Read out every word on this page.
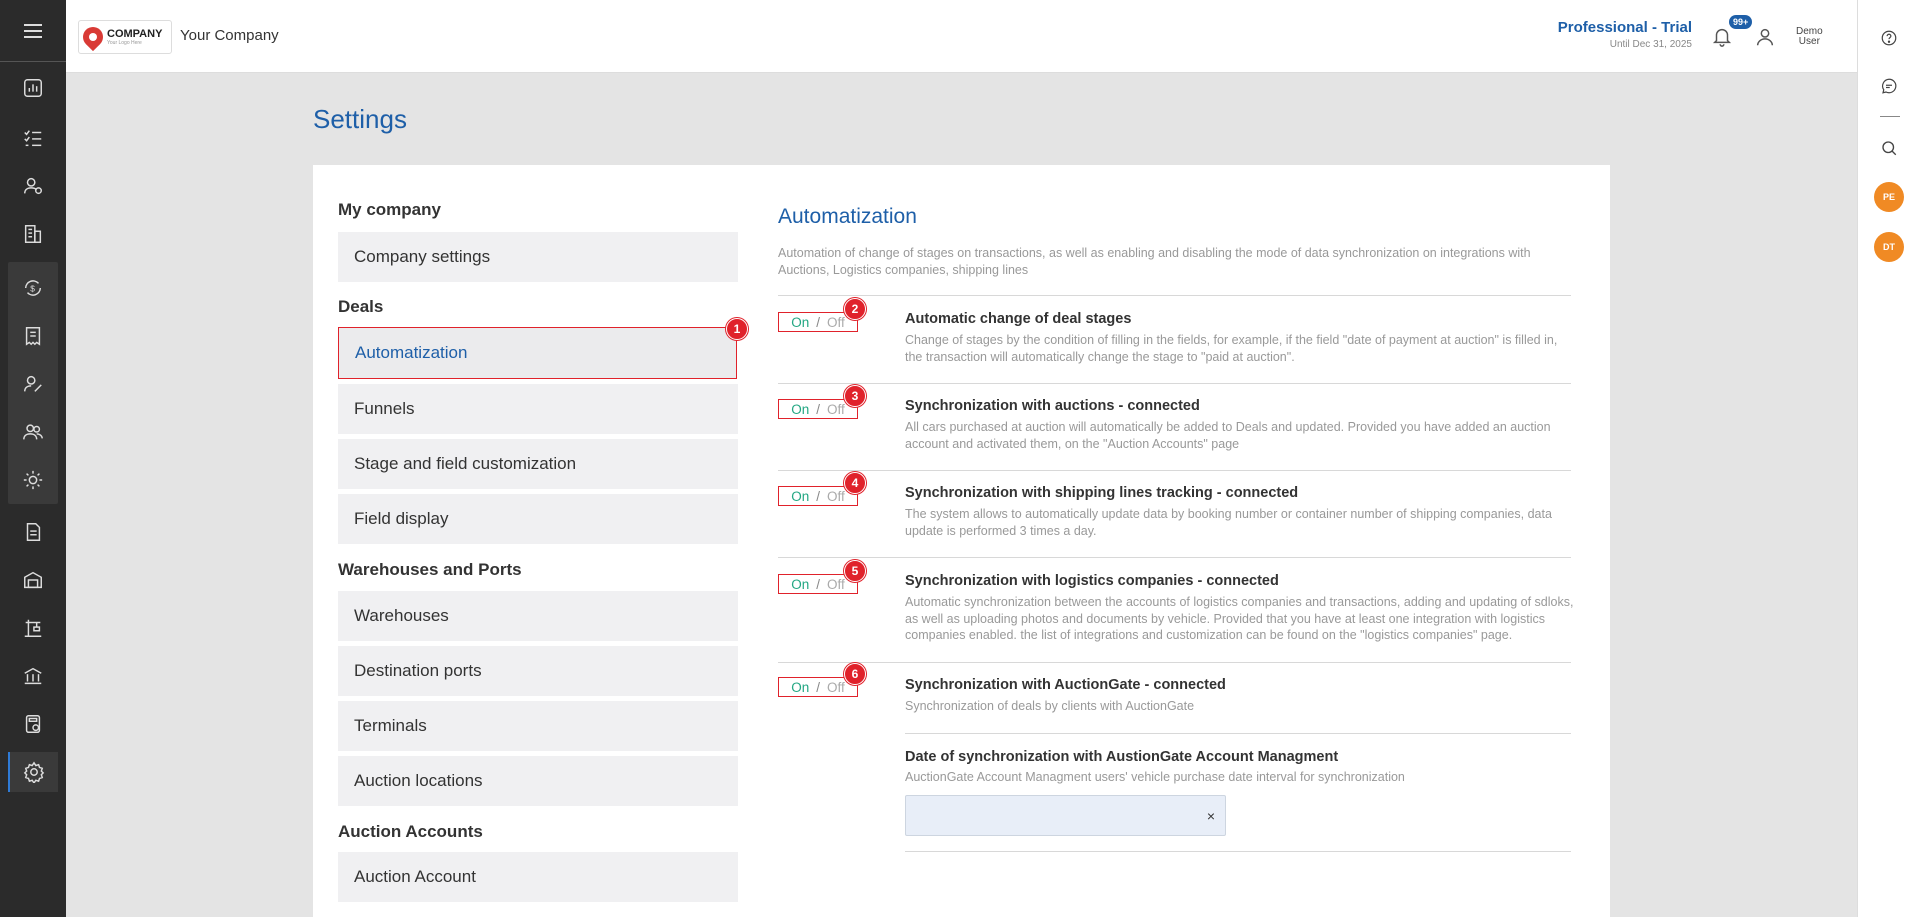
$
COMPANY
Your Logo Here	Your Company	Professional - Trial
Until Dec 31, 2025
99+
Demo
User
PE
DT
Settings
My company
Company settings
Deals
Automatization
1
Funnels
Stage and field customization
Field display
Warehouses and Ports
Warehouses
Destination ports
Terminals
Auction locations
Auction Accounts
Auction Account
Automatization

Automation of change of stages on transactions, as well as enabling and disabling the mode of data synchronization on integrations with Auctions, Logistics companies, shipping lines

On / Off
2
Automatic change of deal stages
Change of stages by the condition of filling in the fields, for example, if the field "date of payment at auction" is filled in, the transaction will automatically change the stage to "paid at auction".
On / Off
3
Synchronization with auctions - connected
All cars purchased at auction will automatically be added to Deals and updated. Provided you have added an auction account and activated them, on the "Auction Accounts" page
On / Off
4
Synchronization with shipping lines tracking - connected
The system allows to automatically update data by booking number or container number of shipping companies, data update is performed 3 times a day.
On / Off
5
Synchronization with logistics companies - connected
Automatic synchronization between the accounts of logistics companies and transactions, adding and updating of sdloks, as well as uploading photos and documents by vehicle. Provided that you have at least one integration with logistics companies enabled. the list of integrations and customization can be found on the "logistics companies" page.
On / Off
6
Synchronization with AuctionGate - connected
Synchronization of deals by clients with AuctionGate
Date of synchronization with AustionGate Account Managment
AuctionGate Account Managment users' vehicle purchase date interval for synchronization
×
